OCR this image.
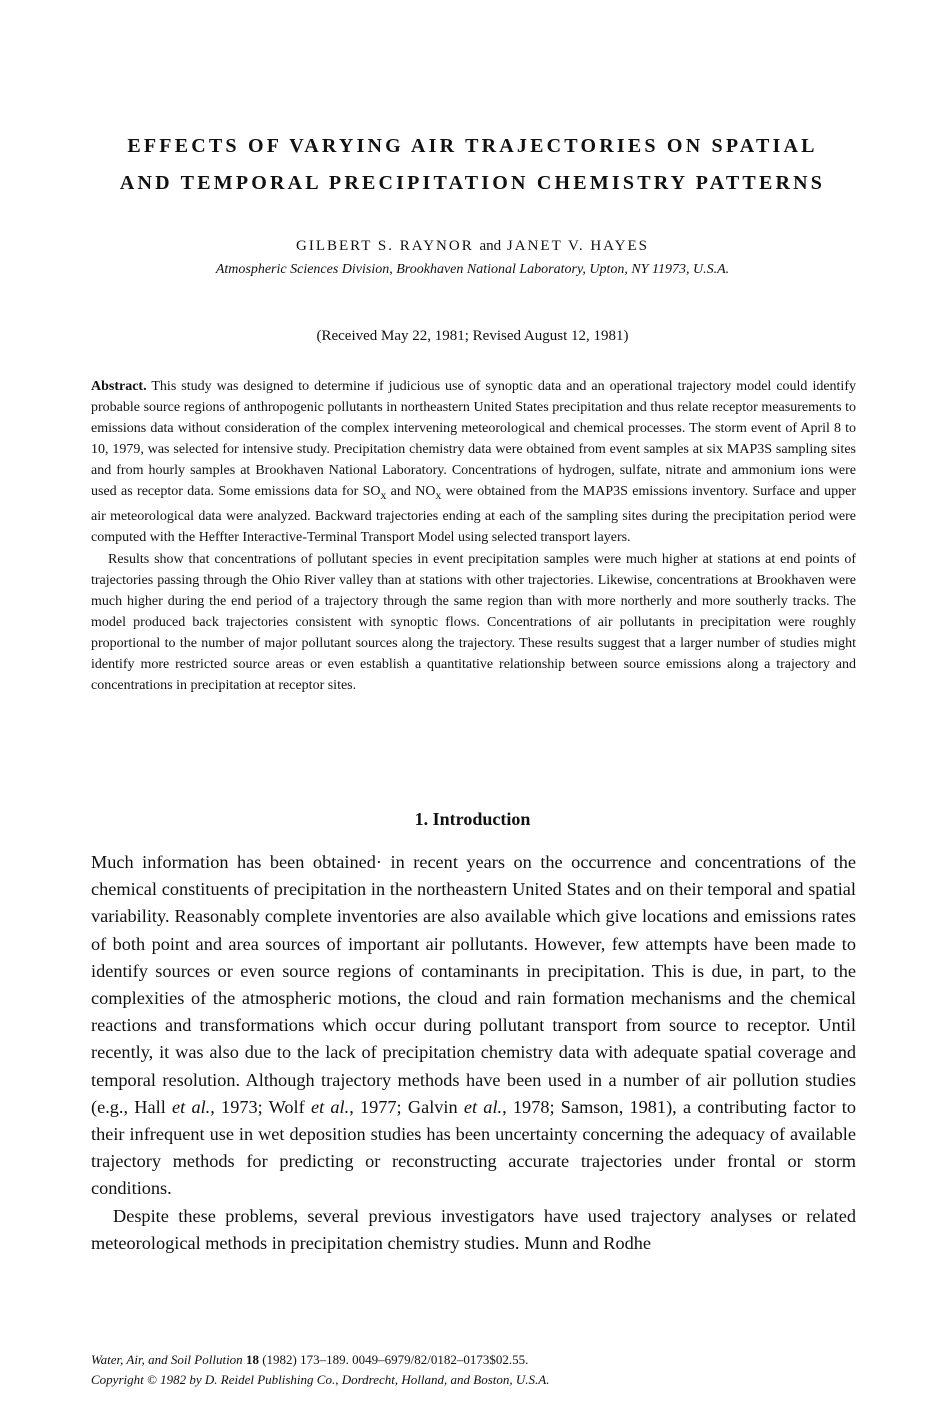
EFFECTS OF VARYING AIR TRAJECTORIES ON SPATIAL
AND TEMPORAL PRECIPITATION CHEMISTRY PATTERNS
GILBERT S. RAYNOR and JANET V. HAYES
Atmospheric Sciences Division, Brookhaven National Laboratory, Upton, NY 11973, U.S.A.
(Received May 22, 1981; Revised August 12, 1981)

Abstract. This study was designed to determine if judicious use of synoptic data and an operational trajectory model could identify probable source regions of anthropogenic pollutants in northeastern United States precipitation and thus relate receptor measurements to emissions data without consideration of the complex intervening meteorological and chemical processes. The storm event of April 8 to 10, 1979, was selected for intensive study. Precipitation chemistry data were obtained from event samples at six MAP3S sampling sites and from hourly samples at Brookhaven National Laboratory. Concentrations of hydrogen, sulfate, nitrate and ammonium ions were used as receptor data. Some emissions data for $SO_x$ and $NO_x$ were obtained from the MAP3S emissions inventory. Surface and upper air meteorological data were analyzed. Backward trajectories ending at each of the sampling sites during the precipitation period were computed with the Heffter Interactive-Terminal Transport Model using selected transport layers.

Results show that concentrations of pollutant species in event precipitation samples were much higher at stations at end points of trajectories passing through the Ohio River valley than at stations with other trajectories. Likewise, concentrations at Brookhaven were much higher during the end period of a trajectory through the same region than with more northerly and more southerly tracks. The model produced back trajectories consistent with synoptic flows. Concentrations of air pollutants in precipitation were roughly proportional to the number of major pollutant sources along the trajectory. These results suggest that a larger number of studies might identify more restricted source areas or even establish a quantitative relationship between source emissions along a trajectory and concentrations in precipitation at receptor sites.

1. Introduction

Much information has been obtained· in recent years on the occurrence and concentrations of the chemical constituents of precipitation in the northeastern United States and on their temporal and spatial variability. Reasonably complete inventories are also available which give locations and emissions rates of both point and area sources of important air pollutants. However, few attempts have been made to identify sources or even source regions of contaminants in precipitation. This is due, in part, to the complexities of the atmospheric motions, the cloud and rain formation mechanisms and the chemical reactions and transformations which occur during pollutant transport from source to receptor. Until recently, it was also due to the lack of precipitation chemistry data with adequate spatial coverage and temporal resolution. Although trajectory methods have been used in a number of air pollution studies (e.g., Hall et al., 1973; Wolf et al., 1977; Galvin et al., 1978; Samson, 1981), a contributing factor to their infrequent use in wet deposition studies has been uncertainty concerning the adequacy of available trajectory methods for predicting or reconstructing accurate trajectories under frontal or storm conditions.

Despite these problems, several previous investigators have used trajectory analyses or related meteorological methods in precipitation chemistry studies. Munn and Rodhe

Water, Air, and Soil Pollution 18 (1982) 173–189. 0049–6979/82/0182–0173$02.55.
Copyright © 1982 by D. Reidel Publishing Co., Dordrecht, Holland, and Boston, U.S.A.
